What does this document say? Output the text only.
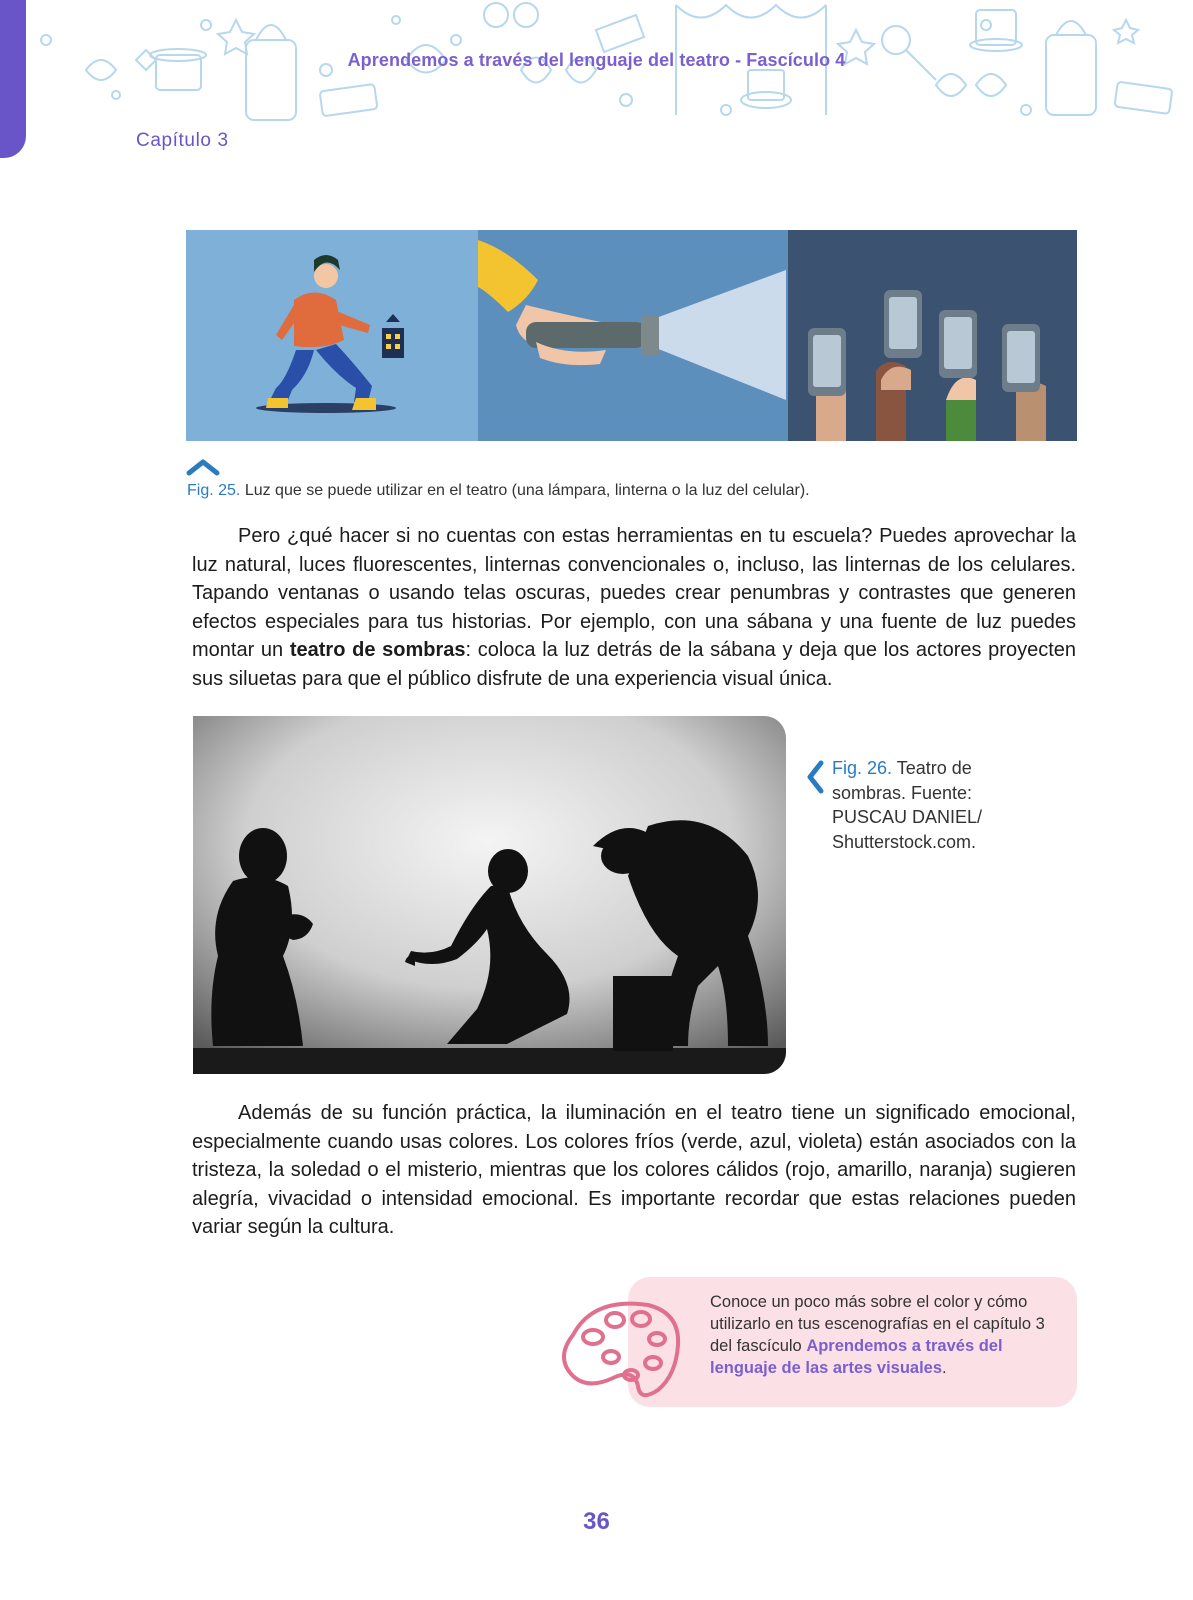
Aprendemos a través del lenguaje del teatro - Fascículo 4
Capítulo 3
Fig. 25. Luz que se puede utilizar en el teatro (una lámpara, linterna o la luz del celular).

Pero ¿qué hacer si no cuentas con estas herramientas en tu escuela? Puedes aprovechar la luz natural, luces fluorescentes, linternas convencionales o, incluso, las linternas de los celulares. Tapando ventanas o usando telas oscuras, puedes crear penumbras y contrastes que generen efectos especiales para tus historias. Por ejemplo, con una sábana y una fuente de luz puedes montar un teatro de sombras: coloca la luz detrás de la sábana y deja que los actores proyecten sus siluetas para que el público disfrute de una experiencia visual única.

Fig. 26. Teatro de sombras. Fuente: PUSCAU DANIEL/ Shutterstock.com.

Además de su función práctica, la iluminación en el teatro tiene un significado emocional, especialmente cuando usas colores. Los colores fríos (verde, azul, violeta) están asociados con la tristeza, la soledad o el misterio, mientras que los colores cálidos (rojo, amarillo, naranja) sugieren alegría, vivacidad o intensidad emocional. Es importante recordar que estas relaciones pueden variar según la cultura.

Conoce un poco más sobre el color y cómo utilizarlo en tus escenografías en el capítulo 3 del fascículo Aprendemos a través del lenguaje de las artes visuales.
36
